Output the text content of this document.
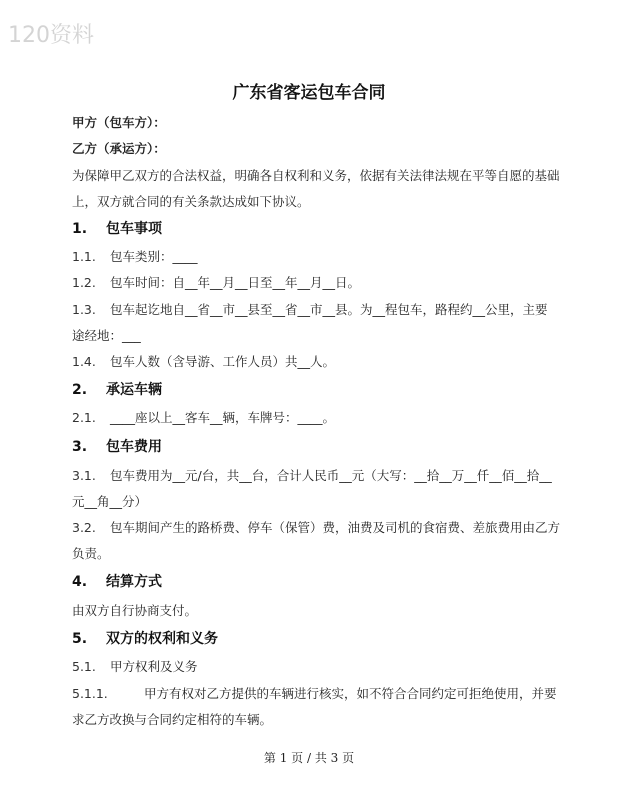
120资料
广东省客运包车合同
甲方（包车方）：
乙方（承运方）：
为保障甲乙双方的合法权益，明确各自权利和义务，依据有关法律法规在平等自愿的基础
上，双方就合同的有关条款达成如下协议。
1. 包车事项
1.1. 包车类别：____
1.2. 包车时间：自__年__月__日至__年__月__日。
1.3. 包车起讫地自__省__市__县至__省__市__县。为__程包车，路程约__公里，主要
途经地：___
1.4. 包车人数（含导游、工作人员）共__人。
2. 承运车辆
2.1. ____座以上__客车__辆，车牌号：____。
3. 包车费用
3.1. 包车费用为__元/台，共__台，合计人民币__元（大写：__拾__万__仟__佰__拾__
元__角__分）
3.2. 包车期间产生的路桥费、停车（保管）费，油费及司机的食宿费、差旅费用由乙方
负责。
4. 结算方式
由双方自行协商支付。
5. 双方的权利和义务
5.1. 甲方权利及义务
5.1.1.	甲方有权对乙方提供的车辆进行核实，如不符合合同约定可拒绝使用，并要
求乙方改换与合同约定相符的车辆。
第 1 页 / 共 3 页
